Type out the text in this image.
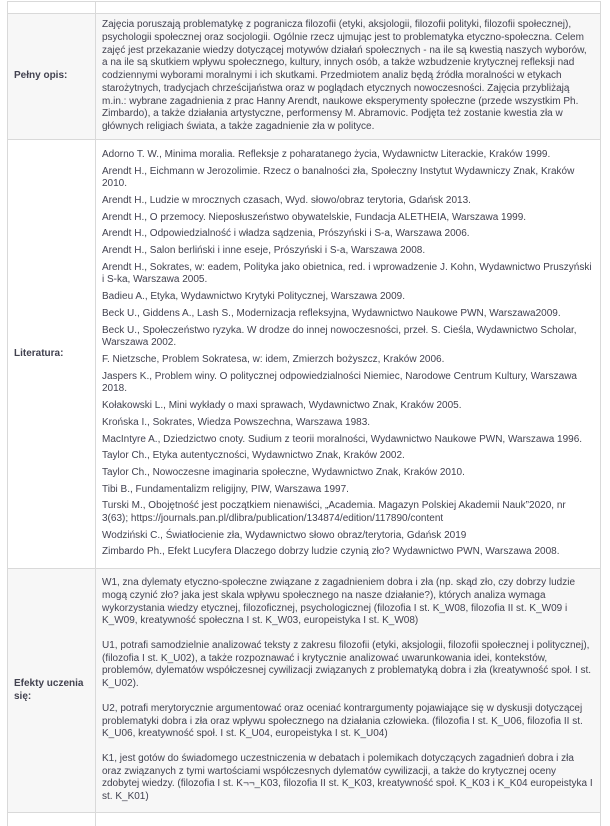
Pełny opis:	Zajęcia poruszają problematykę z pogranicza filozofii (etyki, aksjologii, filozofii polityki, filozofii społecznej), psychologii społecznej oraz socjologii. Ogólnie rzecz ujmując jest to problematyka etyczno-społeczna. Celem zajęć jest przekazanie wiedzy dotyczącej motywów działań społecznych - na ile są kwestią naszych wyborów, a na ile są skutkiem wpływu społecznego, kultury, innych osób, a także wzbudzenie krytycznej refleksji nad codziennymi wyborami moralnymi i ich skutkami. Przedmiotem analiz będą źródła moralności w etykach starożytnych, tradycjach chrześcijaństwa oraz w poglądach etycznych nowoczesności. Zajęcia przybliżają m.in.: wybrane zagadnienia z prac Hanny Arendt, naukowe eksperymenty społeczne (przede wszystkim Ph. Zimbardo), a także działania artystyczne, performensy M. Abramovic. Podjęta też zostanie kwestia zła w głównych religiach świata, a także zagadnienie zła w polityce.

Literatura:	

Adorno T. W., Minima moralia. Refleksje z poharatanego życia, Wydawnictw Literackie, Kraków 1999.

Arendt H., Eichmann w Jerozolimie. Rzecz o banalności zła, Społeczny Instytut Wydawniczy Znak, Kraków 2010.

Arendt H., Ludzie w mrocznych czasach, Wyd. słowo/obraz terytoria, Gdańsk 2013.

Arendt H., O przemocy. Nieposłuszeństwo obywatelskie, Fundacja ALETHEIA, Warszawa 1999.

Arendt H., Odpowiedzialność i władza sądzenia, Prószyński i S-a, Warszawa 2006.

Arendt H., Salon berliński i inne eseje, Prószyński i S-a, Warszawa 2008.

Arendt H., Sokrates, w: eadem, Polityka jako obietnica, red. i wprowadzenie J. Kohn, Wydawnictwo Pruszyński i S-ka, Warszawa 2005.

Badieu A., Etyka, Wydawnictwo Krytyki Politycznej, Warszawa 2009.

Beck U., Giddens A., Lash S., Modernizacja refleksyjna, Wydawnictwo Naukowe PWN, Warszawa2009.

Beck U., Społeczeństwo ryzyka. W drodze do innej nowoczesności, przeł. S. Cieśla, Wydawnictwo Scholar, Warszawa 2002.

F. Nietzsche, Problem Sokratesa, w: idem, Zmierzch bożyszcz, Kraków 2006.

Jaspers K., Problem winy. O politycznej odpowiedzialności Niemiec, Narodowe Centrum Kultury, Warszawa 2018.

Kołakowski L., Mini wykłady o maxi sprawach, Wydawnictwo Znak, Kraków 2005.

Krońska I., Sokrates, Wiedza Powszechna, Warszawa 1983.

MacIntyre A., Dziedzictwo cnoty. Sudium z teorii moralności, Wydawnictwo Naukowe PWN, Warszawa 1996.

Taylor Ch., Etyka autentyczności, Wydawnictwo Znak, Kraków 2002.

Taylor Ch., Nowoczesne imaginaria społeczne, Wydawnictwo Znak, Kraków 2010.

Tibi B., Fundamentalizm religijny, PIW, Warszawa 1997.

Turski M., Obojętność jest początkiem nienawiści, „Academia. Magazyn Polskiej Akademii Nauk”2020, nr 3(63); https://journals.pan.pl/dlibra/publication/134874/edition/117890/content

Wodziński C., Światłocienie zła, Wydawnictwo słowo obraz/terytoria, Gdańsk 2019

Zimbardo Ph., Efekt Lucyfera Dlaczego dobrzy ludzie czynią zło? Wydawnictwo PWN, Warszawa 2008.

Efekty uczenia się:	W1, zna dylematy etyczno-społeczne związane z zagadnieniem dobra i zła (np. skąd zło, czy dobrzy ludzie mogą czynić zło? jaka jest skala wpływu społecznego na nasze działanie?), których analiza wymaga wykorzystania wiedzy etycznej, filozoficznej, psychologicznej (filozofia I st. K_W08, filozofia II st. K_W09 i K_W09, kreatywność społeczna I st. K_W03, europeistyka I st. K_W08)

U1, potrafi samodzielnie analizować teksty z zakresu filozofii (etyki, aksjologii, filozofii społecznej i politycznej), (filozofia I st. K_U02), a także rozpoznawać i krytycznie analizować uwarunkowania idei, kontekstów, problemów, dylematów współczesnej cywilizacji związanych z problematyką dobra i zła (kreatywność społ. I st. K_U02).

U2, potrafi merytorycznie argumentować oraz oceniać kontrargumenty pojawiające się w dyskusji dotyczącej problematyki dobra i zła oraz wpływu społecznego na działania człowieka. (filozofia I st. K_U06, filozofia II st. K_U06, kreatywność społ. I st. K_U04, europeistyka I st. K_U04)

K1, jest gotów do świadomego uczestniczenia w debatach i polemikach dotyczących zagadnień dobra i zła oraz związanych z tymi wartościami współczesnych dylematów cywilizacji, a także do krytycznej oceny zdobytej wiedzy. (filozofia I st. K¬¬_K03, filozofia II st. K_K03, kreatywność społ. K_K03 i K_K04 europeistyka I st. K_K01)
